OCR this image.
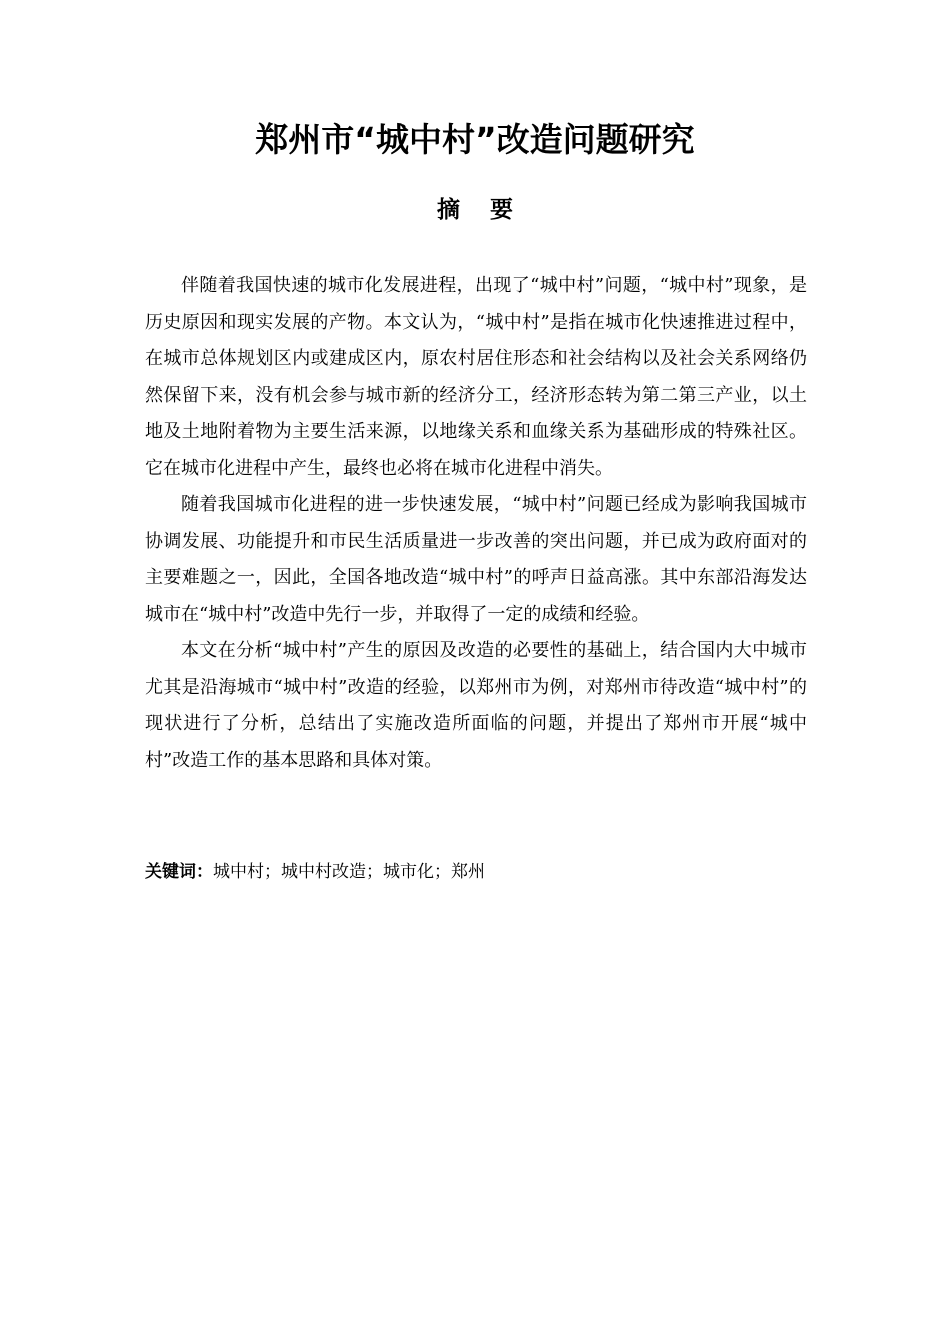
郑州市“城中村”改造问题研究
摘 要

伴随着我国快速的城市化发展进程，出现了“城中村”问题，“城中村”现象，是历史原因和现实发展的产物。本文认为，“城中村”是指在城市化快速推进过程中，在城市总体规划区内或建成区内，原农村居住形态和社会结构以及社会关系网络仍然保留下来，没有机会参与城市新的经济分工，经济形态转为第二第三产业，以土地及土地附着物为主要生活来源，以地缘关系和血缘关系为基础形成的特殊社区。它在城市化进程中产生，最终也必将在城市化进程中消失。

随着我国城市化进程的进一步快速发展，“城中村”问题已经成为影响我国城市协调发展、功能提升和市民生活质量进一步改善的突出问题，并已成为政府面对的主要难题之一，因此，全国各地改造“城中村”的呼声日益高涨。其中东部沿海发达城市在“城中村”改造中先行一步，并取得了一定的成绩和经验。

本文在分析“城中村”产生的原因及改造的必要性的基础上，结合国内大中城市尤其是沿海城市“城中村”改造的经验，以郑州市为例，对郑州市待改造“城中村”的现状进行了分析，总结出了实施改造所面临的问题，并提出了郑州市开展“城中村”改造工作的基本思路和具体对策。

关键词：城中村；城中村改造；城市化；郑州
